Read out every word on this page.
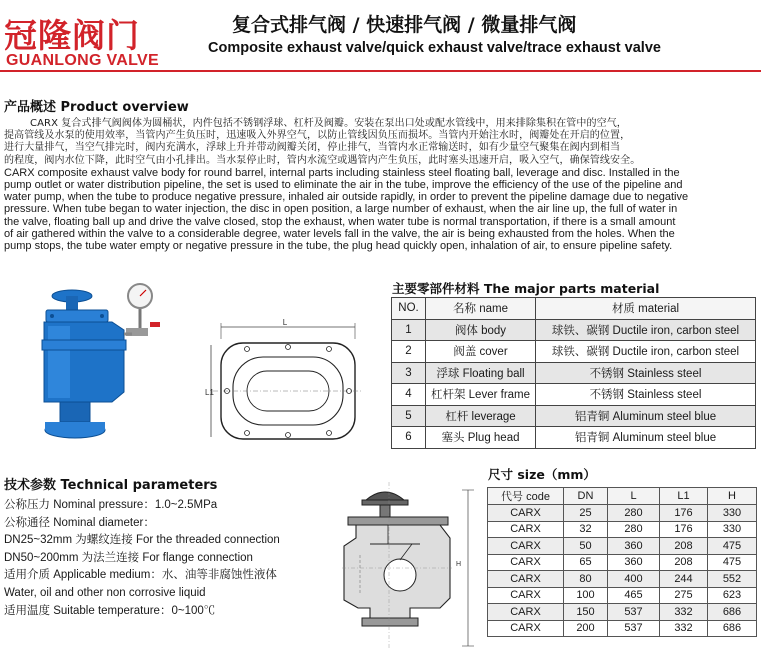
冠隆阀门
GUANLONG VALVE
复合式排气阀 / 快速排气阀 / 微量排气阀
Composite exhaust valve/quick exhaust valve/trace exhaust valve
产品概述 Product overview

CARX 复合式排气阀阀体为圆桶状，内件包括不锈钢浮球、杠杆及阀瓣。安装在泵出口处或配水管线中，用来排除集积在管中的空气，

提高管线及水泵的使用效率，当管内产生负压时，迅速吸入外界空气，以防止管线因负压而损坏。当管内开始注水时，阀瓣处在开启的位置，

进行大量排气，当空气排完时，阀内充满水，浮球上升并带动阀瓣关闭，停止排气，当管内水正常输送时，如有少量空气聚集在阀内到相当

的程度，阀内水位下降，此时空气由小孔排出。当水泵停止时，管内水流空或遇管内产生负压，此时塞头迅速开启，吸入空气，确保管线安全。

CARX composite exhaust valve body for round barrel, internal parts including stainless steel floating ball, leverage and disc. Installed in the

pump outlet or water distribution pipeline, the set is used to eliminate the air in the tube, improve the efficiency of the use of the pipeline and

water pump, when the tube to produce negative pressure, inhaled air outside rapidly, in order to prevent the pipeline damage due to negative

pressure. When tube began to water injection, the disc in open position, a large number of exhaust, when the air line up, the full of water in

the valve, floating ball up and drive the valve closed, stop the exhaust, when water tube is normal transportation, if there is a small amount

of air gathered within the valve to a considerable degree, water levels fall in the valve, the air is being exhausted from the holes. When the

pump stops, the tube water empty or negative pressure in the tube, the plug head quickly open, inhalation of air, to ensure pipeline safety.

L
L1
主要零部件材料 The major parts material
NO.	名称 name	材质 material
1	阀体 body	球铁、碳钢 Ductile iron, carbon steel
2	阀盖 cover	球铁、碳钢 Ductile iron, carbon steel
3	浮球 Floating ball	不锈钢 Stainless steel
4	杠杆架 Lever frame	不锈钢 Stainless steel
5	杠杆 leverage	铝青铜 Aluminum steel blue
6	塞头 Plug head	铝青铜 Aluminum steel blue
技术参数 Technical parameters
公称压力 Nominal pressure：1.0~2.5MPa
公称通径 Nominal diameter：
DN25~32mm 为螺纹连接 For the threaded connection
DN50~200mm 为法兰连接 For flange connection
适用介质 Applicable medium：水、油等非腐蚀性液体
Water, oil and other non corrosive liquid
适用温度 Suitable temperature：0~100℃
H
尺寸 size（mm）
代号 code	DN	L	L1	H
CARX	25	280	176	330
CARX	32	280	176	330
CARX	50	360	208	475
CARX	65	360	208	475
CARX	80	400	244	552
CARX	100	465	275	623
CARX	150	537	332	686
CARX	200	537	332	686
